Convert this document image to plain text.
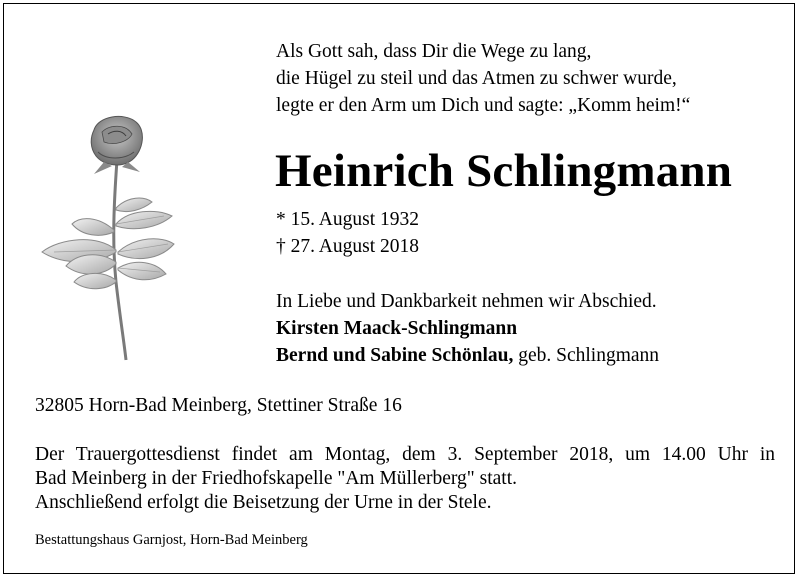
Als Gott sah, dass Dir die Wege zu lang,
die Hügel zu steil und das Atmen zu schwer wurde,
legte er den Arm um Dich und sagte: „Komm heim!“
Heinrich Schlingmann
* 15. August 1932
† 27. August 2018
In Liebe und Dankbarkeit nehmen wir Abschied.
Kirsten Maack-Schlingmann
Bernd und Sabine Schönlau, geb. Schlingmann
32805 Horn-Bad Meinberg, Stettiner Straße 16
Der Trauergottesdienst findet am Montag, dem 3. September 2018, um 14.00 Uhr in
Bad Meinberg in der Friedhofskapelle "Am Müllerberg" statt.
Anschließend erfolgt die Beisetzung der Urne in der Stele.
Bestattungshaus Garnjost, Horn-Bad Meinberg
